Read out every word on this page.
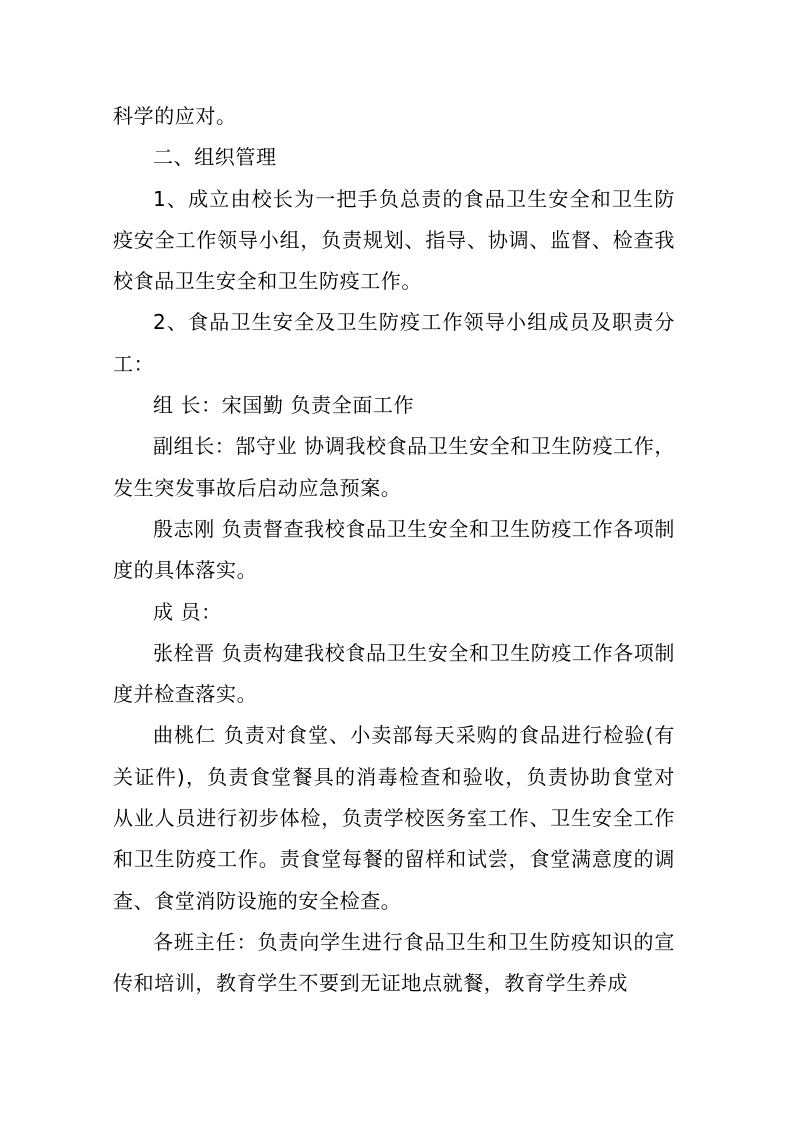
科学的应对。

二、组织管理

1、成立由校长为一把手负总责的食品卫生安全和卫生防疫安全工作领导小组，负责规划、指导、协调、监督、检查我校食品卫生安全和卫生防疫工作。

2、食品卫生安全及卫生防疫工作领导小组成员及职责分工：

组 长：宋国勤 负责全面工作

副组长：郜守业 协调我校食品卫生安全和卫生防疫工作，发生突发事故后启动应急预案。

殷志刚 负责督查我校食品卫生安全和卫生防疫工作各项制度的具体落实。

成 员：

张栓晋 负责构建我校食品卫生安全和卫生防疫工作各项制度并检查落实。

曲桃仁 负责对食堂、小卖部每天采购的食品进行检验(有关证件)，负责食堂餐具的消毒检查和验收，负责协助食堂对从业人员进行初步体检，负责学校医务室工作、卫生安全工作和卫生防疫工作。责食堂每餐的留样和试尝，食堂满意度的调查、食堂消防设施的安全检查。

各班主任：负责向学生进行食品卫生和卫生防疫知识的宣传和培训，教育学生不要到无证地点就餐，教育学生养成
